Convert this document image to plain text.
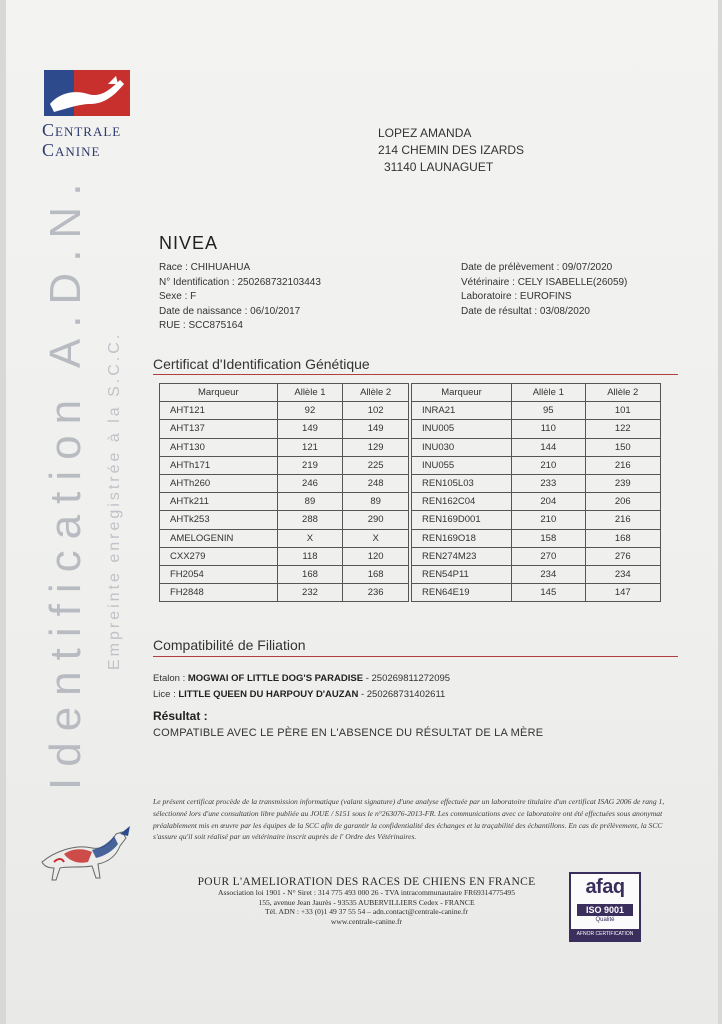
Centrale
Canine
Identification A.D.N. Empreinte enregistrée à la S.C.C.
LOPEZ AMANDA
214 CHEMIN DES IZARDS
31140 LAUNAGUET
NIVEA
Race : CHIHUAHUA
N° Identification : 250268732103443
Sexe : F
Date de naissance : 06/10/2017
RUE : SCC875164
Date de prélèvement : 09/07/2020
Vétérinaire : CELY ISABELLE(26059)
Laboratoire : EUROFINS
Date de résultat : 03/08/2020
Certificat d'Identification Génétique
Marqueur	Allèle 1	Allèle 2
AHT121	92	102
AHT137	149	149
AHT130	121	129
AHTh171	219	225
AHTh260	246	248
AHTk211	89	89
AHTk253	288	290
AMELOGENIN	X	X
CXX279	118	120
FH2054	168	168
FH2848	232	236
Marqueur	Allèle 1	Allèle 2
INRA21	95	101
INU005	110	122
INU030	144	150
INU055	210	216
REN105L03	233	239
REN162C04	204	206
REN169D001	210	216
REN169O18	158	168
REN274M23	270	276
REN54P11	234	234
REN64E19	145	147
Compatibilité de Filiation
Etalon : MOGWAI OF LITTLE DOG'S PARADISE - 250269811272095
Lice : LITTLE QUEEN DU HARPOUY D'AUZAN - 250268731402611
Résultat :
COMPATIBLE AVEC LE PÈRE EN L'ABSENCE DU RÉSULTAT DE LA MÈRE
Le présent certificat procède de la transmission informatique (valant signature) d'une analyse effectuée par un laboratoire titulaire d'un certificat ISAG 2006 de rang 1, sélectionné lors d'une consultation libre publiée au JOUE / S151 sous le n°263076-2013-FR. Les communications avec ce laboratoire ont été effectuées sous anonymat préalablement mis en œuvre par les équipes de la SCC afin de garantir la confidentialité des échanges et la traçabilité des échantillons. En cas de prélèvement, la SCC s'assure qu'il soit réalisé par un vétérinaire inscrit auprès de l' Ordre des Vétérinaires.
POUR L'AMELIORATION DES RACES DE CHIENS EN FRANCE
Association loi 1901 - N° Siret : 314 775 493 000 26 - TVA intracommunautaire FR69314775495
155, avenue Jean Jaurès - 93535 AUBERVILLIERS Cedex - FRANCE
Tél. ADN : +33 (0)1 49 37 55 54 – adn.contact@centrale-canine.fr
www.centrale-canine.fr
afaq
ISO 9001
Qualité
AFNOR CERTIFICATION
